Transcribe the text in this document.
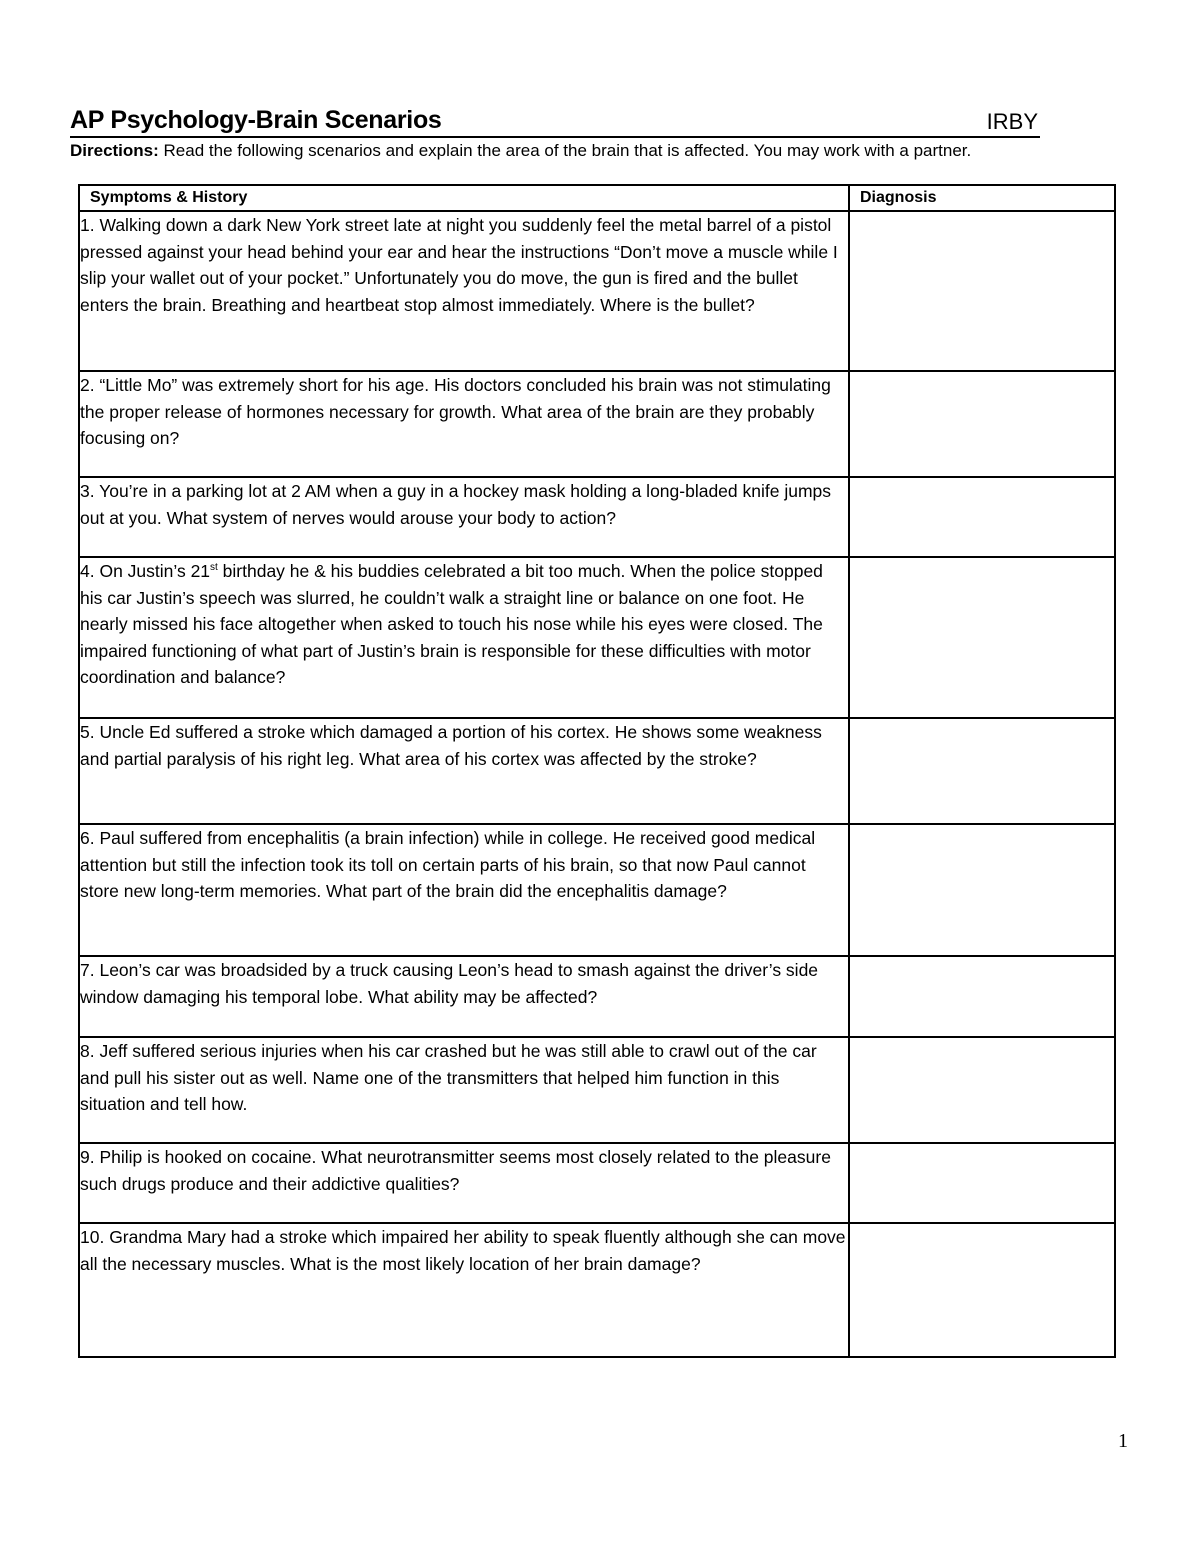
AP Psychology-Brain Scenarios	IRBY
Directions: Read the following scenarios and explain the area of the brain that is affected. You may work with a partner.
Symptoms & History	Diagnosis
1. Walking down a dark New York street late at night you suddenly feel the metal barrel of a pistol pressed against your head behind your ear and hear the instructions “Don’t move a muscle while I slip your wallet out of your pocket.” Unfortunately you do move, the gun is fired and the bullet enters the brain. Breathing and heartbeat stop almost immediately. Where is the bullet?	
2. “Little Mo” was extremely short for his age. His doctors concluded his brain was not stimulating the proper release of hormones necessary for growth. What area of the brain are they probably focusing on?	
3. You’re in a parking lot at 2 AM when a guy in a hockey mask holding a long-bladed knife jumps out at you. What system of nerves would arouse your body to action?	
4. On Justin’s 21st birthday he & his buddies celebrated a bit too much. When the police stopped his car Justin’s speech was slurred, he couldn’t walk a straight line or balance on one foot. He nearly missed his face altogether when asked to touch his nose while his eyes were closed. The impaired functioning of what part of Justin’s brain is responsible for these difficulties with motor coordination and balance?	
5. Uncle Ed suffered a stroke which damaged a portion of his cortex. He shows some weakness and partial paralysis of his right leg. What area of his cortex was affected by the stroke?	
6. Paul suffered from encephalitis (a brain infection) while in college. He received good medical attention but still the infection took its toll on certain parts of his brain, so that now Paul cannot store new long-term memories. What part of the brain did the encephalitis damage?	
7. Leon’s car was broadsided by a truck causing Leon’s head to smash against the driver’s side window damaging his temporal lobe. What ability may be affected?	
8. Jeff suffered serious injuries when his car crashed but he was still able to crawl out of the car and pull his sister out as well. Name one of the transmitters that helped him function in this situation and tell how.	
9. Philip is hooked on cocaine. What neurotransmitter seems most closely related to the pleasure such drugs produce and their addictive qualities?	
10. Grandma Mary had a stroke which impaired her ability to speak fluently although she can move all the necessary muscles. What is the most likely location of her brain damage?	
1
